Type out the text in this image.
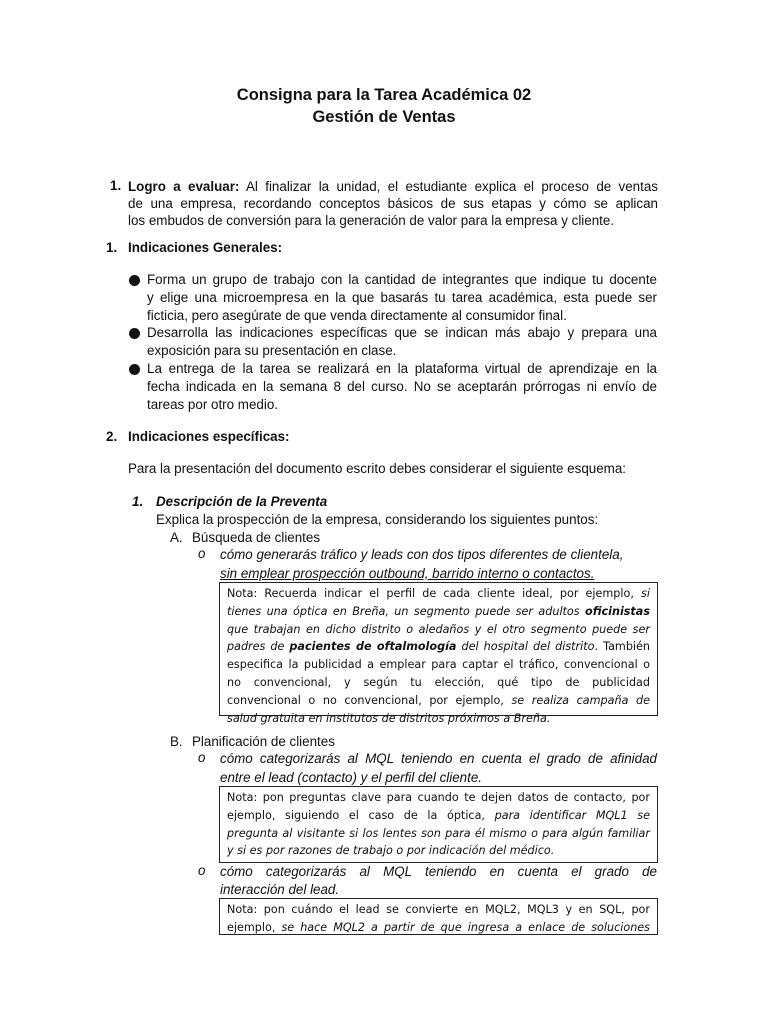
Consigna para la Tarea Académica 02
Gestión de Ventas
1. Logro a evaluar: Al finalizar la unidad, el estudiante explica el proceso de ventas
de una empresa, recordando conceptos básicos de sus etapas y cómo se aplican
los embudos de conversión para la generación de valor para la empresa y cliente.
1. Indicaciones Generales:
Forma un grupo de trabajo con la cantidad de integrantes que indique tu docente
y elige una microempresa en la que basarás tu tarea académica, esta puede ser
ficticia, pero asegúrate de que venda directamente al consumidor final.
Desarrolla las indicaciones específicas que se indican más abajo y prepara una
exposición para su presentación en clase.
La entrega de la tarea se realizará en la plataforma virtual de aprendizaje en la
fecha indicada en la semana 8 del curso. No se aceptarán prórrogas ni envío de
tareas por otro medio.
2. Indicaciones específicas:
Para la presentación del documento escrito debes considerar el siguiente esquema:
1. Descripción de la Preventa
Explica la prospección de la empresa, considerando los siguientes puntos:
A. Búsqueda de clientes
o cómo generarás tráfico y leads con dos tipos diferentes de clientela,
sin emplear prospección outbound, barrido interno o contactos.
Nota: Recuerda indicar el perfil de cada cliente ideal, por ejemplo, si
tienes una óptica en Breña, un segmento puede ser adultos oficinistas
que trabajan en dicho distrito o aledaños y el otro segmento puede ser
padres de pacientes de oftalmología del hospital del distrito. También
especifica la publicidad a emplear para captar el tráfico, convencional o
no convencional, y según tu elección, qué tipo de publicidad
convencional o no convencional, por ejemplo, se realiza campaña de
salud gratuita en institutos de distritos próximos a Breña.
B. Planificación de clientes
o cómo categorizarás al MQL teniendo en cuenta el grado de afinidad
entre el lead (contacto) y el perfil del cliente.
Nota: pon preguntas clave para cuando te dejen datos de contacto, por
ejemplo, siguiendo el caso de la óptica, para identificar MQL1 se
pregunta al visitante si los lentes son para él mismo o para algún familiar
y si es por razones de trabajo o por indicación del médico.
o cómo categorizarás al MQL teniendo en cuenta el grado de
interacción del lead.
Nota: pon cuándo el lead se convierte en MQL2, MQL3 y en SQL, por
ejemplo, se hace MQL2 a partir de que ingresa a enlace de soluciones
